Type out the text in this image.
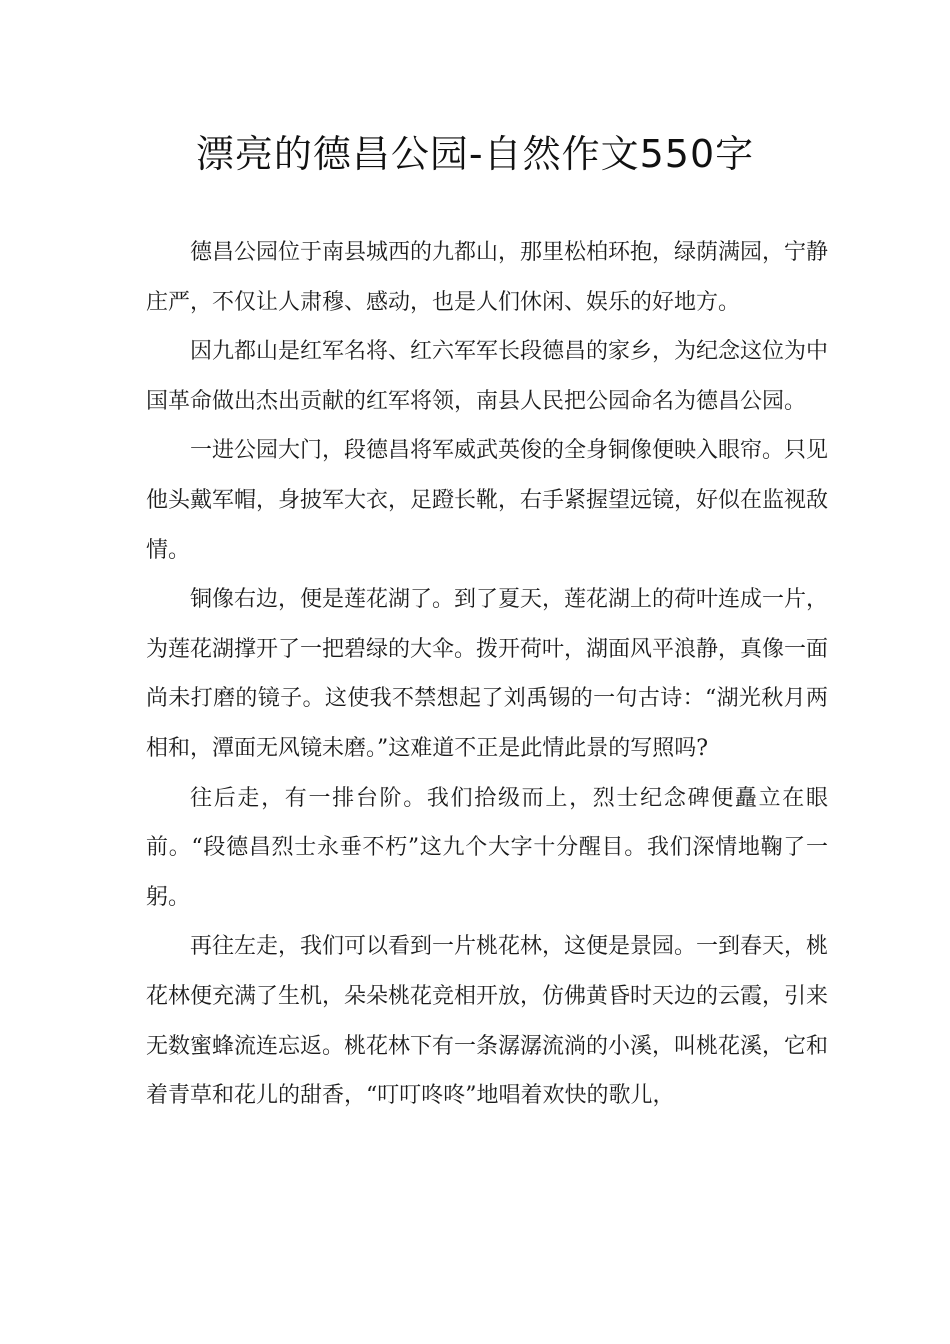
漂亮的德昌公园-自然作文550字

德昌公园位于南县城西的九都山，那里松柏环抱，绿荫满园，宁静庄严，不仅让人肃穆、感动，也是人们休闲、娱乐的好地方。

因九都山是红军名将、红六军军长段德昌的家乡，为纪念这位为中国革命做出杰出贡献的红军将领，南县人民把公园命名为德昌公园。

一进公园大门，段德昌将军威武英俊的全身铜像便映入眼帘。只见他头戴军帽，身披军大衣，足蹬长靴，右手紧握望远镜，好似在监视敌情。

铜像右边，便是莲花湖了。到了夏天，莲花湖上的荷叶连成一片，为莲花湖撑开了一把碧绿的大伞。拨开荷叶，湖面风平浪静，真像一面尚未打磨的镜子。这使我不禁想起了刘禹锡的一句古诗：“湖光秋月两相和，潭面无风镜未磨。”这难道不正是此情此景的写照吗?

往后走，有一排台阶。我们拾级而上，烈士纪念碑便矗立在眼前。“段德昌烈士永垂不朽”这九个大字十分醒目。我们深情地鞠了一躬。

再往左走，我们可以看到一片桃花林，这便是景园。一到春天，桃花林便充满了生机，朵朵桃花竞相开放，仿佛黄昏时天边的云霞，引来无数蜜蜂流连忘返。桃花林下有一条潺潺流淌的小溪，叫桃花溪，它和着青草和花儿的甜香，“叮叮咚咚”地唱着欢快的歌儿，
